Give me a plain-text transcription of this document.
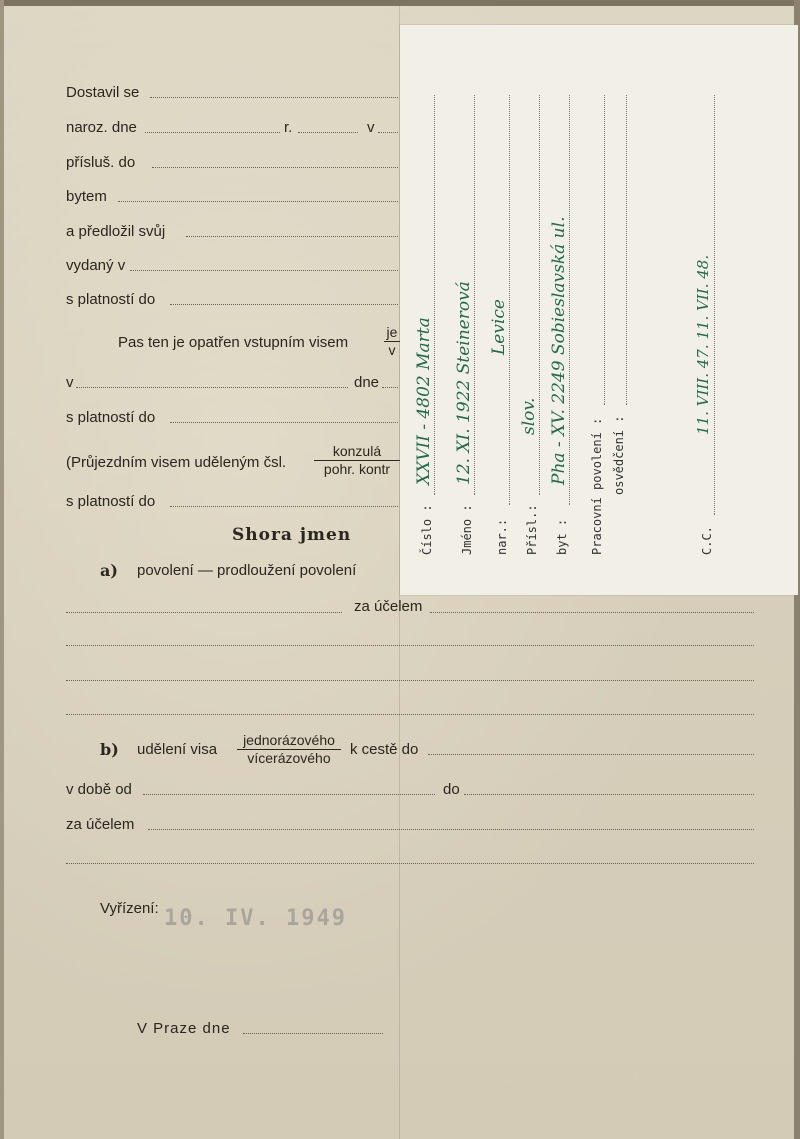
Dostavil se
naroz. dne	r.	v
přísluš. do
bytem
a předložil svůj
vydaný v
s platností do
Pas ten je opatřen vstupním visem	$\frac{je}{v}$
v	dne
s platností do
(Průjezdním visem uděleným čsl.
konzulá
pohr. kontr
s platností do
Shora jmen
a) povolení — prodloužení povolení
za účelem
b) udělení visa
jednorázového
vícerázového	k cestě do
v době od	do
za účelem
Vyřízení: 10. IV. 1949
V Praze dne
Číslo :
XXVII - 4802 Marta
Jméno :
12. XI. 1922 Steinerová
nar.:
Levice
Přísl.:
slov.
byt :
Pha - XV. 2249 Sobieslavská ul.
Pracovní povolení : osvědčení :
C.C.
11. VIII. 47. 11. VII. 48.
